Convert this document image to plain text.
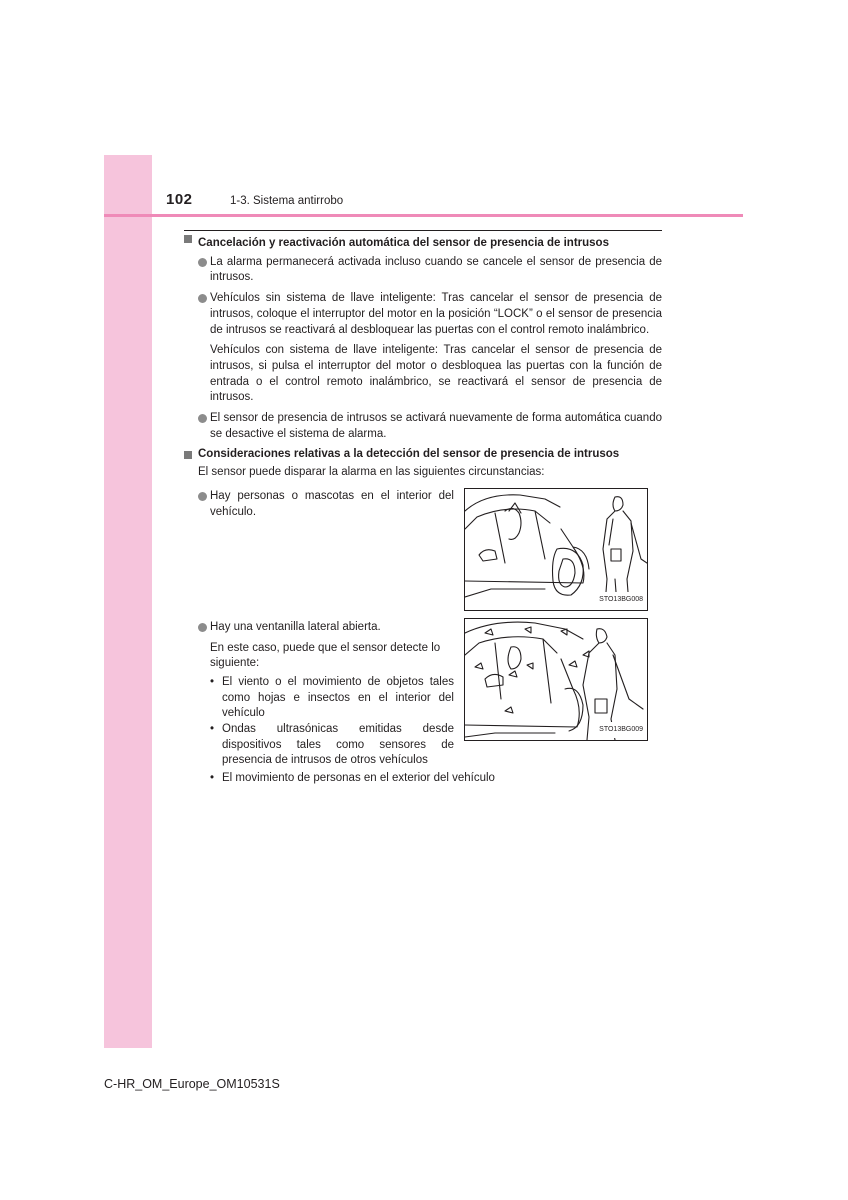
102	1-3. Sistema antirrobo

Cancelación y reactivación automática del sensor de presencia de intrusos

La alarma permanecerá activada incluso cuando se cancele el sensor de presencia de intrusos.

Vehículos sin sistema de llave inteligente: Tras cancelar el sensor de presencia de intrusos, coloque el interruptor del motor en la posición “LOCK” o el sensor de presencia de intrusos se reactivará al desbloquear las puertas con el control remoto inalámbrico.

Vehículos con sistema de llave inteligente: Tras cancelar el sensor de presencia de intrusos, si pulsa el interruptor del motor o desbloquea las puertas con la función de entrada o el control remoto inalámbrico, se reactivará el sensor de presencia de intrusos.

El sensor de presencia de intrusos se activará nuevamente de forma automática cuando se desactive el sistema de alarma.

Consideraciones relativas a la detección del sensor de presencia de intrusos

El sensor puede disparar la alarma en las siguientes circunstancias:

Hay personas o mascotas en el interior del vehículo.

STO13BG008

Hay una ventanilla lateral abierta.

En este caso, puede que el sensor detecte lo siguiente:

• El viento o el movimiento de objetos tales como hojas e insectos en el interior del vehículo

• Ondas ultrasónicas emitidas desde dispositivos tales como sensores de presencia de intrusos de otros vehículos

• El movimiento de personas en el exterior del vehículo

STO13BG009
C-HR_OM_Europe_OM10531S
